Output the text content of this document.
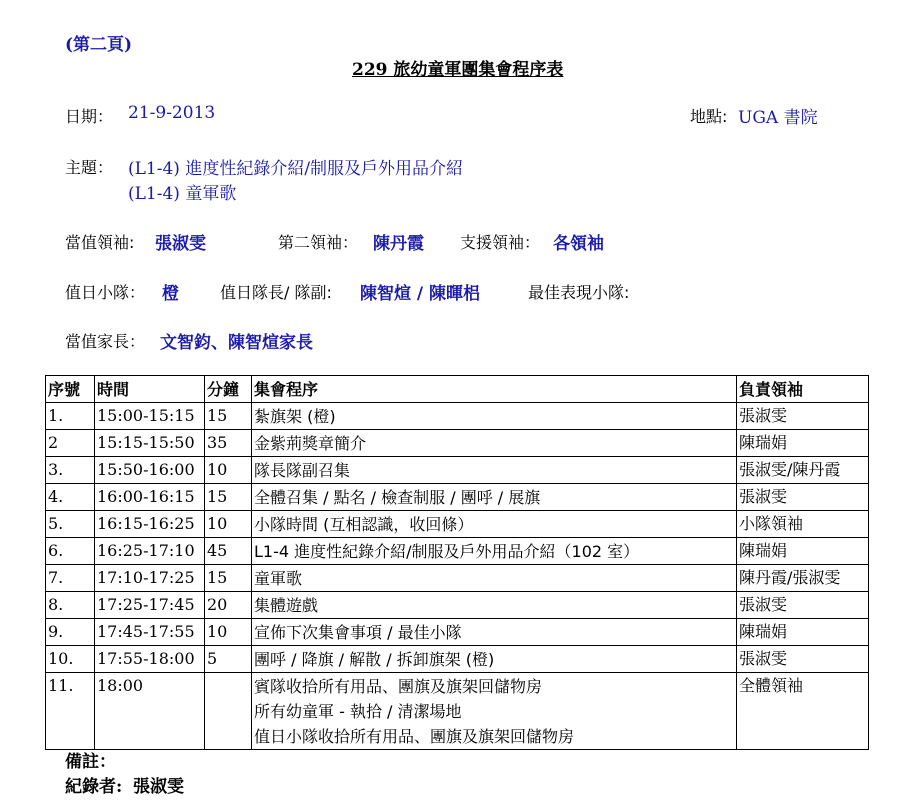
(第二頁)
229 旅幼童軍團集會程序表
日期： 21-9-2013	地點: UGA 書院
主題： (L1-4) 進度性紀錄介紹/制服及戶外用品介紹
(L1-4) 童軍歌
當值領袖: 張淑雯	第二領袖： 陳丹霞 支援領袖： 各領袖
值日小隊： 橙	值日隊長/ 隊副: 陳智煊 / 陳暉梠	最佳表現小隊:
當值家長： 文智鈞、陳智煊家長
序號	時間	分鐘	集會程序	負責領袖
1.	15:00-15:15	15	紮旗架 (橙)	張淑雯
2	15:15-15:50	35	金紫荊獎章簡介	陳瑞娟
3.	15:50-16:00	10	隊長隊副召集	張淑雯/陳丹霞
4.	16:00-16:15	15	全體召集 / 點名 / 檢查制服 / 團呼 / 展旗	張淑雯
5.	16:15-16:25	10	小隊時間 (互相認識，收回條）	小隊領袖
6.	16:25-17:10	45	L1-4 進度性紀錄介紹/制服及戶外用品介紹（102 室）	陳瑞娟
7.	17:10-17:25	15	童軍歌	陳丹霞/張淑雯
8.	17:25-17:45	20	集體遊戲	張淑雯
9.	17:45-17:55	10	宣佈下次集會事項 / 最佳小隊	陳瑞娟
10.	17:55-18:00	5	團呼 / 降旗 / 解散 / 拆卸旗架 (橙)	張淑雯
11.	18:00		賓隊收拾所有用品、團旗及旗架回儲物房
所有幼童軍 - 執拾 / 清潔場地
值日小隊收拾所有用品、團旗及旗架回儲物房	全體領袖
備註：
紀錄者: 張淑雯
